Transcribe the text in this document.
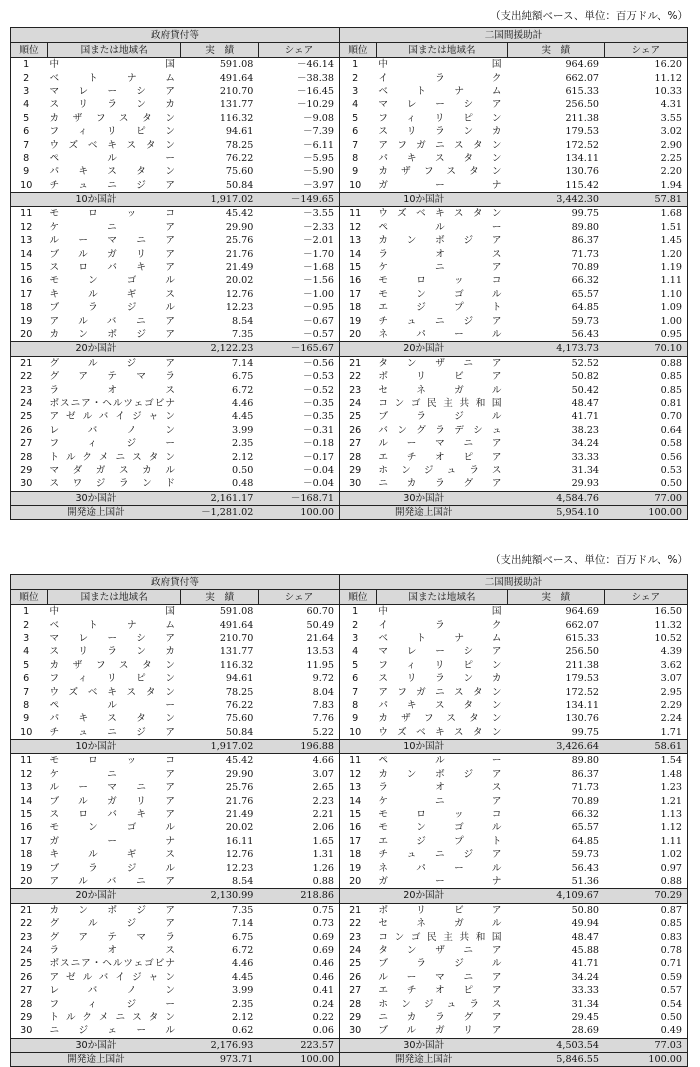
（支出純額ベース、単位：百万ドル、%）
政府貸付等				二国間援助計			
順位	国または地域名	実　績	シェア	順位	国または地域名	実　績	シェア
1	中国	591.08	－46.14	1	中国	964.69	16.20
2	ベトナム	491.64	－38.38	2	イラク	662.07	11.12
3	マレーシア	210.70	－16.45	3	ベトナム	615.33	10.33
4	スリランカ	131.77	－10.29	4	マレーシア	256.50	4.31
5	カザフスタン	116.32	－9.08	5	フィリピン	211.38	3.55
6	フィリピン	94.61	－7.39	6	スリランカ	179.53	3.02
7	ウズベキスタン	78.25	－6.11	7	アフガニスタン	172.52	2.90
8	ペルー	76.22	－5.95	8	パキスタン	134.11	2.25
9	パキスタン	75.60	－5.90	9	カザフスタン	130.76	2.20
10	チュニジア	50.84	－3.97	10	ガーナ	115.42	1.94
10か国計		1,917.02	－149.65	10か国計		3,442.30	57.81
11	モロッコ	45.42	－3.55	11	ウズベキスタン	99.75	1.68
12	ケニア	29.90	－2.33	12	ペルー	89.80	1.51
13	ルーマニア	25.76	－2.01	13	カンボジア	86.37	1.45
14	ブルガリア	21.76	－1.70	14	ラオス	71.73	1.20
15	スロバキア	21.49	－1.68	15	ケニア	70.89	1.19
16	モンゴル	20.02	－1.56	16	モロッコ	66.32	1.11
17	キルギス	12.76	－1.00	17	モンゴル	65.57	1.10
18	ブラジル	12.23	－0.95	18	エジプト	64.85	1.09
19	アルバニア	8.54	－0.67	19	チュニジア	59.73	1.00
20	カンボジア	7.35	－0.57	20	ネパール	56.43	0.95
20か国計		2,122.23	－165.67	20か国計		4,173.73	70.10
21	グルジア	7.14	－0.56	21	タンザニア	52.52	0.88
22	グアテマラ	6.75	－0.53	22	ボリビア	50.82	0.85
23	ラオス	6.72	－0.52	23	セネガル	50.42	0.85
24	ボスニア・ヘルツェゴビナ	4.46	－0.35	24	コンゴ民主共和国	48.47	0.81
25	アゼルバイジャン	4.45	－0.35	25	ブラジル	41.71	0.70
26	レバノン	3.99	－0.31	26	バングラデシュ	38.23	0.64
27	フィジー	2.35	－0.18	27	ルーマニア	34.24	0.58
28	トルクメニスタン	2.12	－0.17	28	エチオピア	33.33	0.56
29	マダガスカル	0.50	－0.04	29	ホンジュラス	31.34	0.53
30	スワジランド	0.48	－0.04	30	ニカラグア	29.93	0.50
30か国計		2,161.17	－168.71	30か国計		4,584.76	77.00
開発途上国計		－1,281.02	100.00	開発途上国計		5,954.10	100.00
（支出純額ベース、単位：百万ドル、%）
政府貸付等				二国間援助計			
順位	国または地域名	実　績	シェア	順位	国または地域名	実　績	シェア
1	中国	591.08	60.70	1	中国	964.69	16.50
2	ベトナム	491.64	50.49	2	イラク	662.07	11.32
3	マレーシア	210.70	21.64	3	ベトナム	615.33	10.52
4	スリランカ	131.77	13.53	4	マレーシア	256.50	4.39
5	カザフスタン	116.32	11.95	5	フィリピン	211.38	3.62
6	フィリピン	94.61	9.72	6	スリランカ	179.53	3.07
7	ウズベキスタン	78.25	8.04	7	アフガニスタン	172.52	2.95
8	ペルー	76.22	7.83	8	パキスタン	134.11	2.29
9	パキスタン	75.60	7.76	9	カザフスタン	130.76	2.24
10	チュニジア	50.84	5.22	10	ウズベキスタン	99.75	1.71
10か国計		1,917.02	196.88	10か国計		3,426.64	58.61
11	モロッコ	45.42	4.66	11	ペルー	89.80	1.54
12	ケニア	29.90	3.07	12	カンボジア	86.37	1.48
13	ルーマニア	25.76	2.65	13	ラオス	71.73	1.23
14	ブルガリア	21.76	2.23	14	ケニア	70.89	1.21
15	スロバキア	21.49	2.21	15	モロッコ	66.32	1.13
16	モンゴル	20.02	2.06	16	モンゴル	65.57	1.12
17	ガーナ	16.11	1.65	17	エジプト	64.85	1.11
18	キルギス	12.76	1.31	18	チュニジア	59.73	1.02
19	ブラジル	12.23	1.26	19	ネパール	56.43	0.97
20	アルバニア	8.54	0.88	20	ガーナ	51.36	0.88
20か国計		2,130.99	218.86	20か国計		4,109.67	70.29
21	カンボジア	7.35	0.75	21	ボリビア	50.80	0.87
22	グルジア	7.14	0.73	22	セネガル	49.94	0.85
23	グアテマラ	6.75	0.69	23	コンゴ民主共和国	48.47	0.83
24	ラオス	6.72	0.69	24	タンザニア	45.88	0.78
25	ボスニア・ヘルツェゴビナ	4.46	0.46	25	ブラジル	41.71	0.71
26	アゼルバイジャン	4.45	0.46	26	ルーマニア	34.24	0.59
27	レバノン	3.99	0.41	27	エチオピア	33.33	0.57
28	フィジー	2.35	0.24	28	ホンジュラス	31.34	0.54
29	トルクメニスタン	2.12	0.22	29	ニカラグア	29.45	0.50
30	ニジェール	0.62	0.06	30	ブルガリア	28.69	0.49
30か国計		2,176.93	223.57	30か国計		4,503.54	77.03
開発途上国計		973.71	100.00	開発途上国計		5,846.55	100.00
